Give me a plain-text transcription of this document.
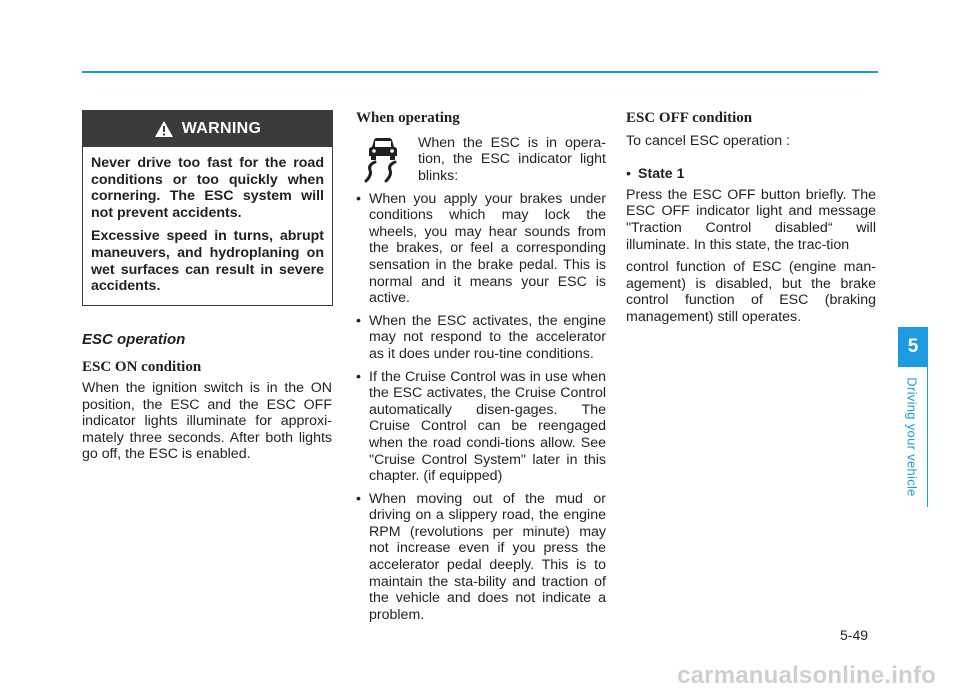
WARNING

Never drive too fast for the road conditions or too quickly when cornering. The ESC system will not prevent accidents.

Excessive speed in turns, abrupt maneuvers, and hydroplaning on wet surfaces can result in severe accidents.

ESC operation
ESC ON condition

When the ignition switch is in the ON position, the ESC and the ESC OFF indicator lights illuminate for approxi-mately three seconds. After both lights go off, the ESC is enabled.

When operating

When the ESC is in opera-tion, the ESC indicator light blinks:

• When you apply your brakes under conditions which may lock the wheels, you may hear sounds from the brakes, or feel a corresponding sensation in the brake pedal. This is normal and it means your ESC is active.
• When the ESC activates, the engine may not respond to the accelerator as it does under rou-tine conditions.
• If the Cruise Control was in use when the ESC activates, the Cruise Control automatically disen-gages. The Cruise Control can be reengaged when the road condi-tions allow. See "Cruise Control System" later in this chapter. (if equipped)
• When moving out of the mud or driving on a slippery road, the engine RPM (revolutions per minute) may not increase even if you press the accelerator pedal deeply. This is to maintain the sta-bility and traction of the vehicle and does not indicate a problem.
ESC OFF condition

To cancel ESC operation :

• State 1

Press the ESC OFF button briefly. The ESC OFF indicator light and message "Traction Control disabled“ will illuminate. In this state, the trac-tion

control function of ESC (engine man-agement) is disabled, but the brake control function of ESC (braking management) still operates.

5
Driving your vehicle
5-49
carmanualsonline.info
